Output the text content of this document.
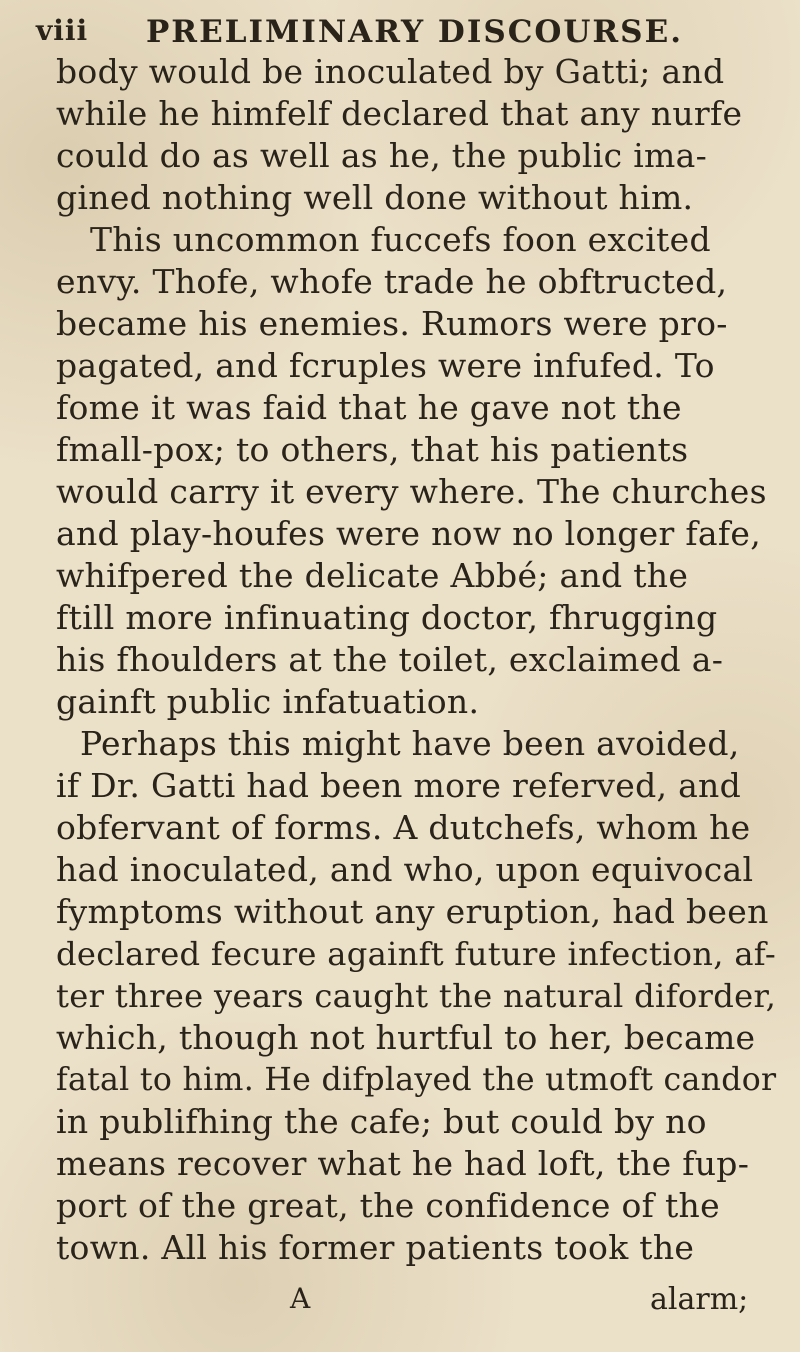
viii PRELIMINARY DISCOURSE.
body would be inoculated by Gatti; and
while he himfelf declared that any nurfe
could do as well as he, the public ima-
gined nothing well done without him.
This uncommon fuccefs foon excited
envy. Thofe, whofe trade he obftructed,
became his enemies. Rumors were pro-
pagated, and fcruples were infufed. To
fome it was faid that he gave not the
fmall-pox; to others, that his patients
would carry it every where. The churches
and play-houfes were now no longer fafe,
whifpered the delicate Abbé; and the
ftill more infinuating doctor, fhrugging
his fhoulders at the toilet, exclaimed a-
gainft public infatuation.
Perhaps this might have been avoided,
if Dr. Gatti had been more referved, and
obfervant of forms. A dutchefs, whom he
had inoculated, and who, upon equivocal
fymptoms without any eruption, had been
declared fecure againft future infection, af-
ter three years caught the natural diforder,
which, though not hurtful to her, became
fatal to him. He difplayed the utmoft candor
in publifhing the cafe; but could by no
means recover what he had loft, the fup-
port of the great, the confidence of the
town. All his former patients took the
A	alarm;
